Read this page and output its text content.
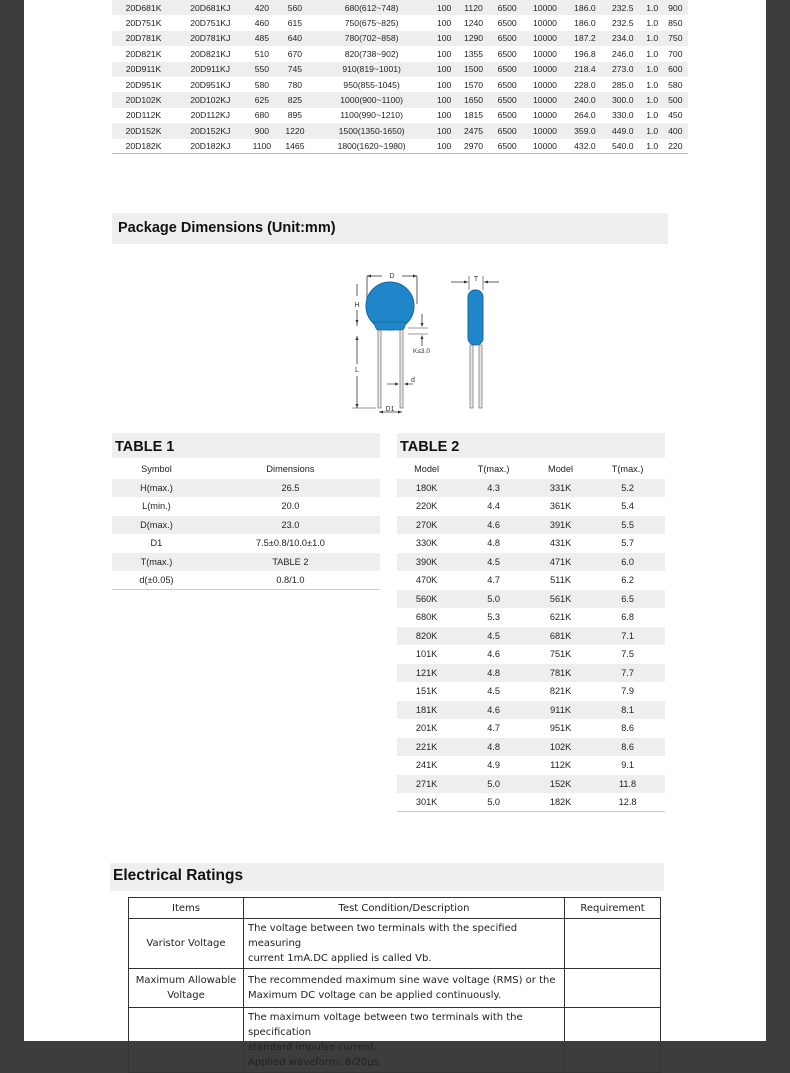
20D681K	20D681KJ	420	560	680(612~748)	100	1120	6500	10000	186.0	232.5	1.0	900
20D751K	20D751KJ	460	615	750(675~825)	100	1240	6500	10000	186.0	232.5	1.0	850
20D781K	20D781KJ	485	640	780(702~858)	100	1290	6500	10000	187.2	234.0	1.0	750
20D821K	20D821KJ	510	670	820(738~902)	100	1355	6500	10000	196.8	246.0	1.0	700
20D911K	20D911KJ	550	745	910(819~1001)	100	1500	6500	10000	218.4	273.0	1.0	600
20D951K	20D951KJ	580	780	950(855-1045)	100	1570	6500	10000	228.0	285.0	1.0	580
20D102K	20D102KJ	625	825	1000(900~1100)	100	1650	6500	10000	240.0	300.0	1.0	500
20D112K	20D112KJ	680	895	1100(990~1210)	100	1815	6500	10000	264.0	330.0	1.0	450
20D152K	20D152KJ	900	1220	1500(1350-1650)	100	2475	6500	10000	359.0	449.0	1.0	400
20D182K	20D182KJ	1100	1465	1800(1620~1980)	100	2970	6500	10000	432.0	540.0	1.0	220
Package Dimensions (Unit:mm)
D
H
L
K≤3.0
d
D1
T
TABLE 1
Symbol	Dimensions
H(max.)	26.5
L(min.)	20.0
D(max.)	23.0
D1	7.5±0.8/10.0±1.0
T(max.)	TABLE 2
d(±0.05)	0.8/1.0
TABLE 2
Model	T(max.)	Model	T(max.)
180K	4.3	331K	5.2
220K	4.4	361K	5.4
270K	4.6	391K	5.5
330K	4.8	431K	5.7
390K	4.5	471K	6.0
470K	4.7	511K	6.2
560K	5.0	561K	6.5
680K	5.3	621K	6.8
820K	4.5	681K	7.1
101K	4.6	751K	7.5
121K	4.8	781K	7.7
151K	4.5	821K	7.9
181K	4.6	911K	8.1
201K	4.7	951K	8.6
221K	4.8	102K	8.6
241K	4.9	112K	9.1
271K	5.0	152K	11.8
301K	5.0	182K	12.8
Electrical Ratings
Items	Test Condition/Description	Requirement
Varistor Voltage	The voltage between two terminals with the specified measuring
current 1mA.DC applied is called Vb.	

Maximum Allowable Voltage	The recommended maximum sine wave voltage (RMS) or the
Maximum DC voltage can be applied continuously.	

	The maximum voltage between two terminals with the specification
standard impulse current.
Applied waveform: 8/20μs	
